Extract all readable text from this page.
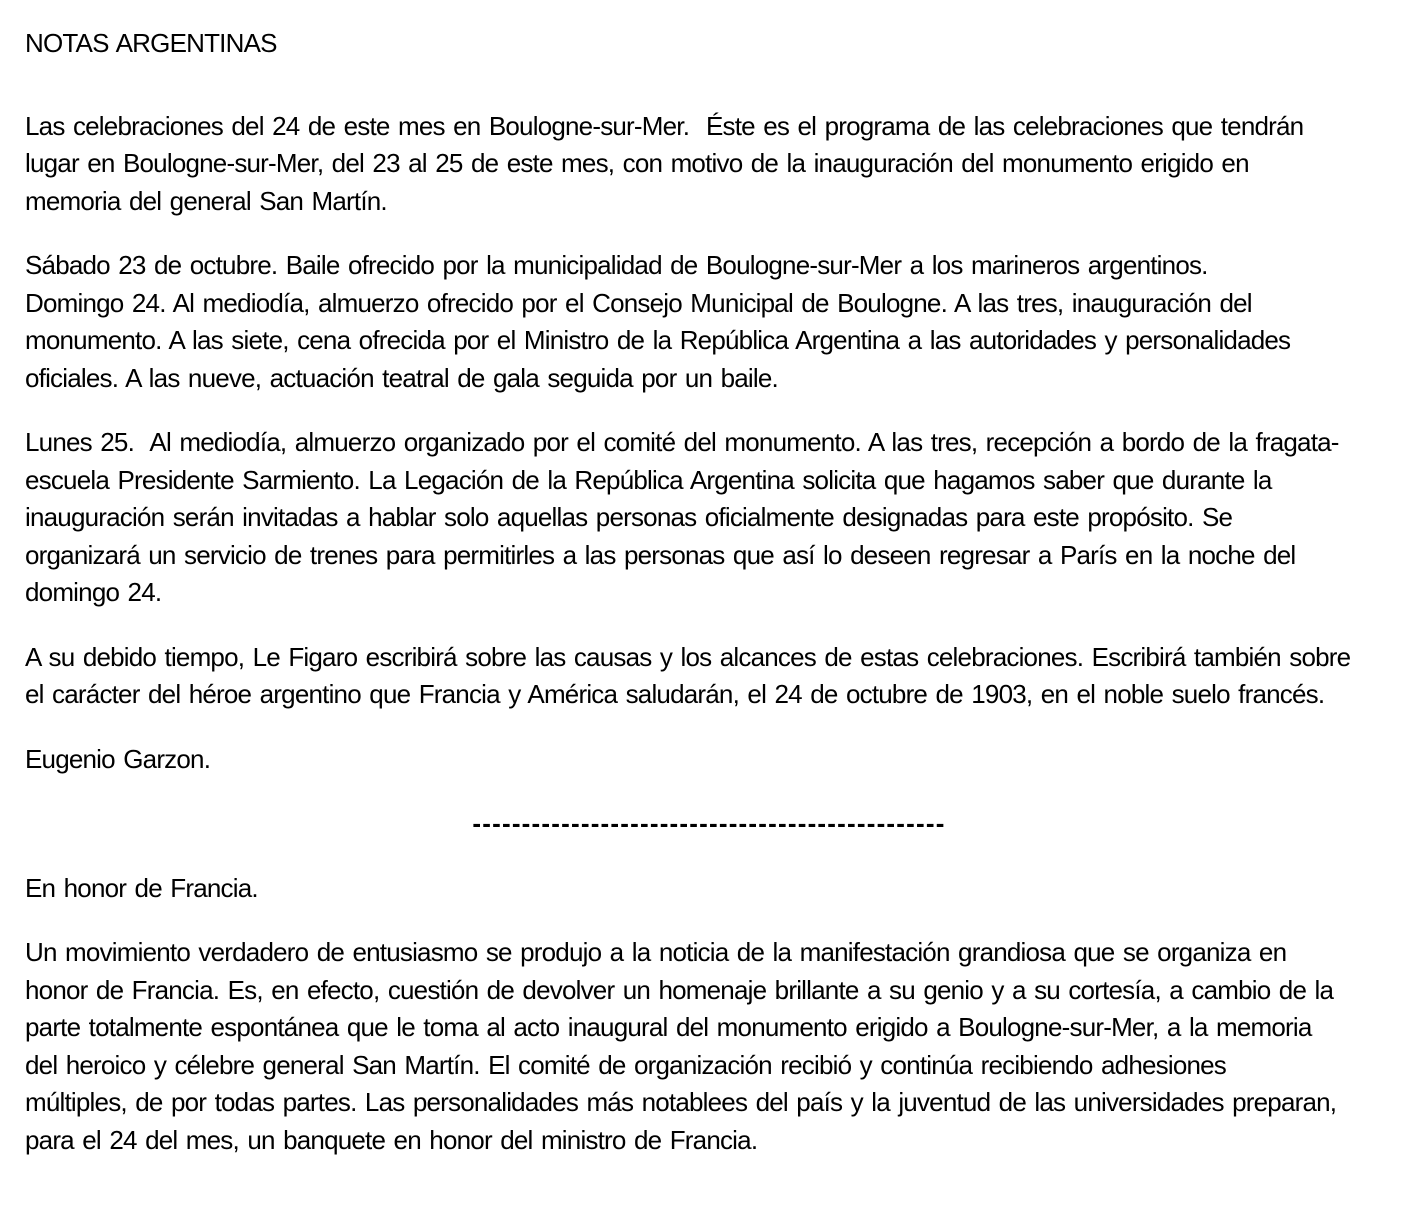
NOTAS ARGENTINAS
Las celebraciones del 24 de este mes en Boulogne-sur-Mer.  Éste es el programa de las celebraciones que tendrán
lugar en Boulogne-sur-Mer, del 23 al 25 de este mes, con motivo de la inauguración del monumento erigido en
memoria del general San Martín.
Sábado 23 de octubre. Baile ofrecido por la municipalidad de Boulogne-sur-Mer a los marineros argentinos.
Domingo 24. Al mediodía, almuerzo ofrecido por el Consejo Municipal de Boulogne. A las tres, inauguración del
monumento. A las siete, cena ofrecida por el Ministro de la República Argentina a las autoridades y personalidades
oficiales. A las nueve, actuación teatral de gala seguida por un baile.
Lunes 25.  Al mediodía, almuerzo organizado por el comité del monumento. A las tres, recepción a bordo de la fragata-
escuela Presidente Sarmiento. La Legación de la República Argentina solicita que hagamos saber que durante la
inauguración serán invitadas a hablar solo aquellas personas oficialmente designadas para este propósito. Se
organizará un servicio de trenes para permitirles a las personas que así lo deseen regresar a París en la noche del
domingo 24.
A su debido tiempo, Le Figaro escribirá sobre las causas y los alcances de estas celebraciones. Escribirá también sobre
el carácter del héroe argentino que Francia y América saludarán, el 24 de octubre de 1903, en el noble suelo francés.
Eugenio Garzon.
------------------------------------------------
En honor de Francia.
Un movimiento verdadero de entusiasmo se produjo a la noticia de la manifestación grandiosa que se organiza en
honor de Francia. Es, en efecto, cuestión de devolver un homenaje brillante a su genio y a su cortesía, a cambio de la
parte totalmente espontánea que le toma al acto inaugural del monumento erigido a Boulogne-sur-Mer, a la memoria
del heroico y célebre general San Martín. El comité de organización recibió y continúa recibiendo adhesiones
múltiples, de por todas partes. Las personalidades más notablees del país y la juventud de las universidades preparan,
para el 24 del mes, un banquete en honor del ministro de Francia.
